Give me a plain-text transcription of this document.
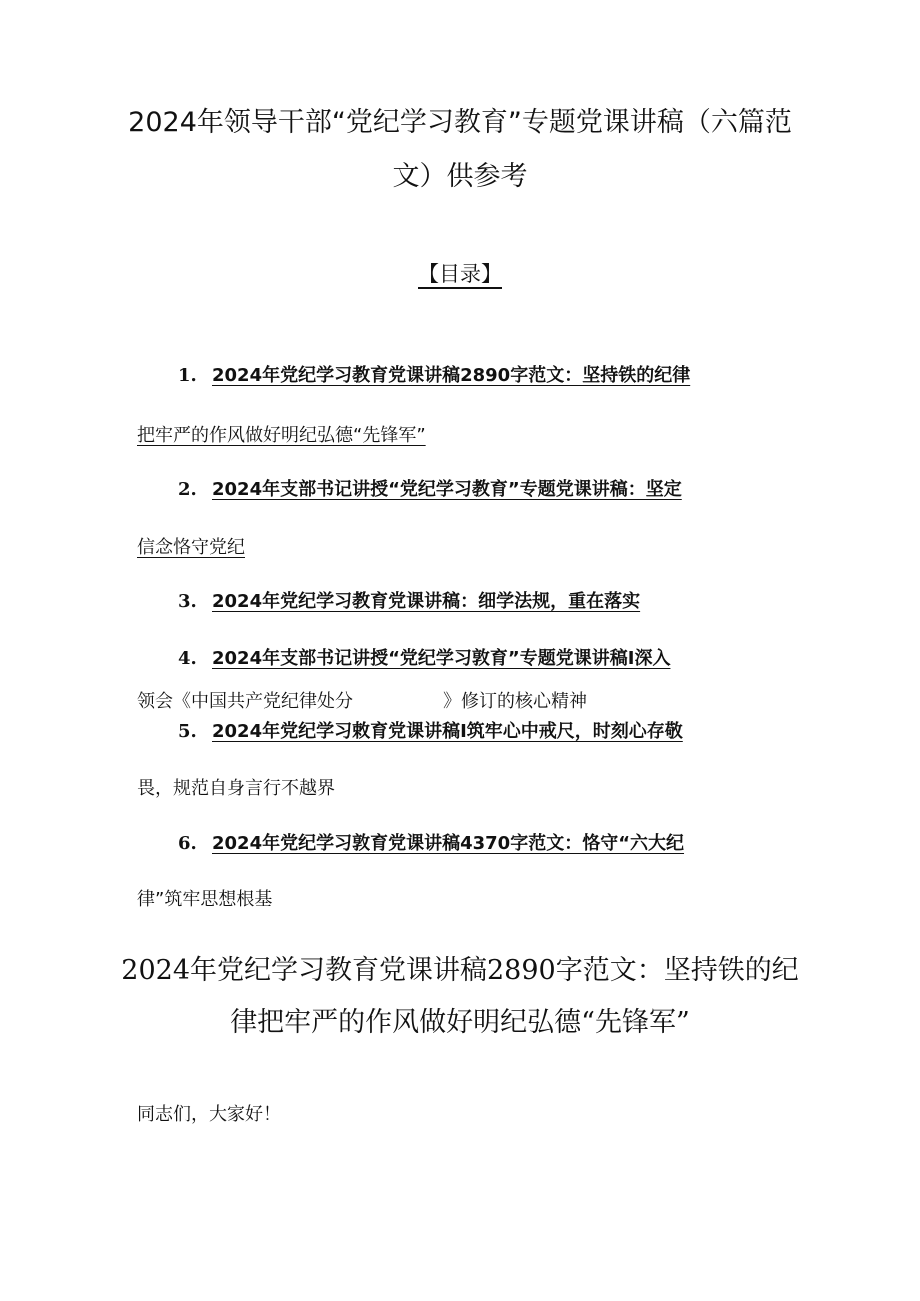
2024年领导干部“党纪学习教育”专题党课讲稿（六篇范文）供参考
【目录】
1. 2024年党纪学习教育党课讲稿2890字范文：坚持铁的纪律
把牢严的作风做好明纪弘德“先锋军”
2. 2024年支部书记讲授“党纪学习教育”专题党课讲稿：坚定
信念恪守党纪
3. 2024年党纪学习教育党课讲稿：细学法规，重在落实
4. 2024年支部书记讲授“党纪学习敦育”专题党课讲稿I深入
领会《中国共产党纪律处分	》修订的核心精神
5. 2024年党纪学习敕育党课讲稿I筑牢心中戒尺，时刻心存敬
畏，规范自身言行不越界
6. 2024年党纪学习敦育党课讲稿4370字范文：恪守“六大纪
律”筑牢思想根基
2024年党纪学习教育党课讲稿2890字范文：坚持铁的纪律把牢严的作风做好明纪弘德“先锋军”

同志们，大家好！
